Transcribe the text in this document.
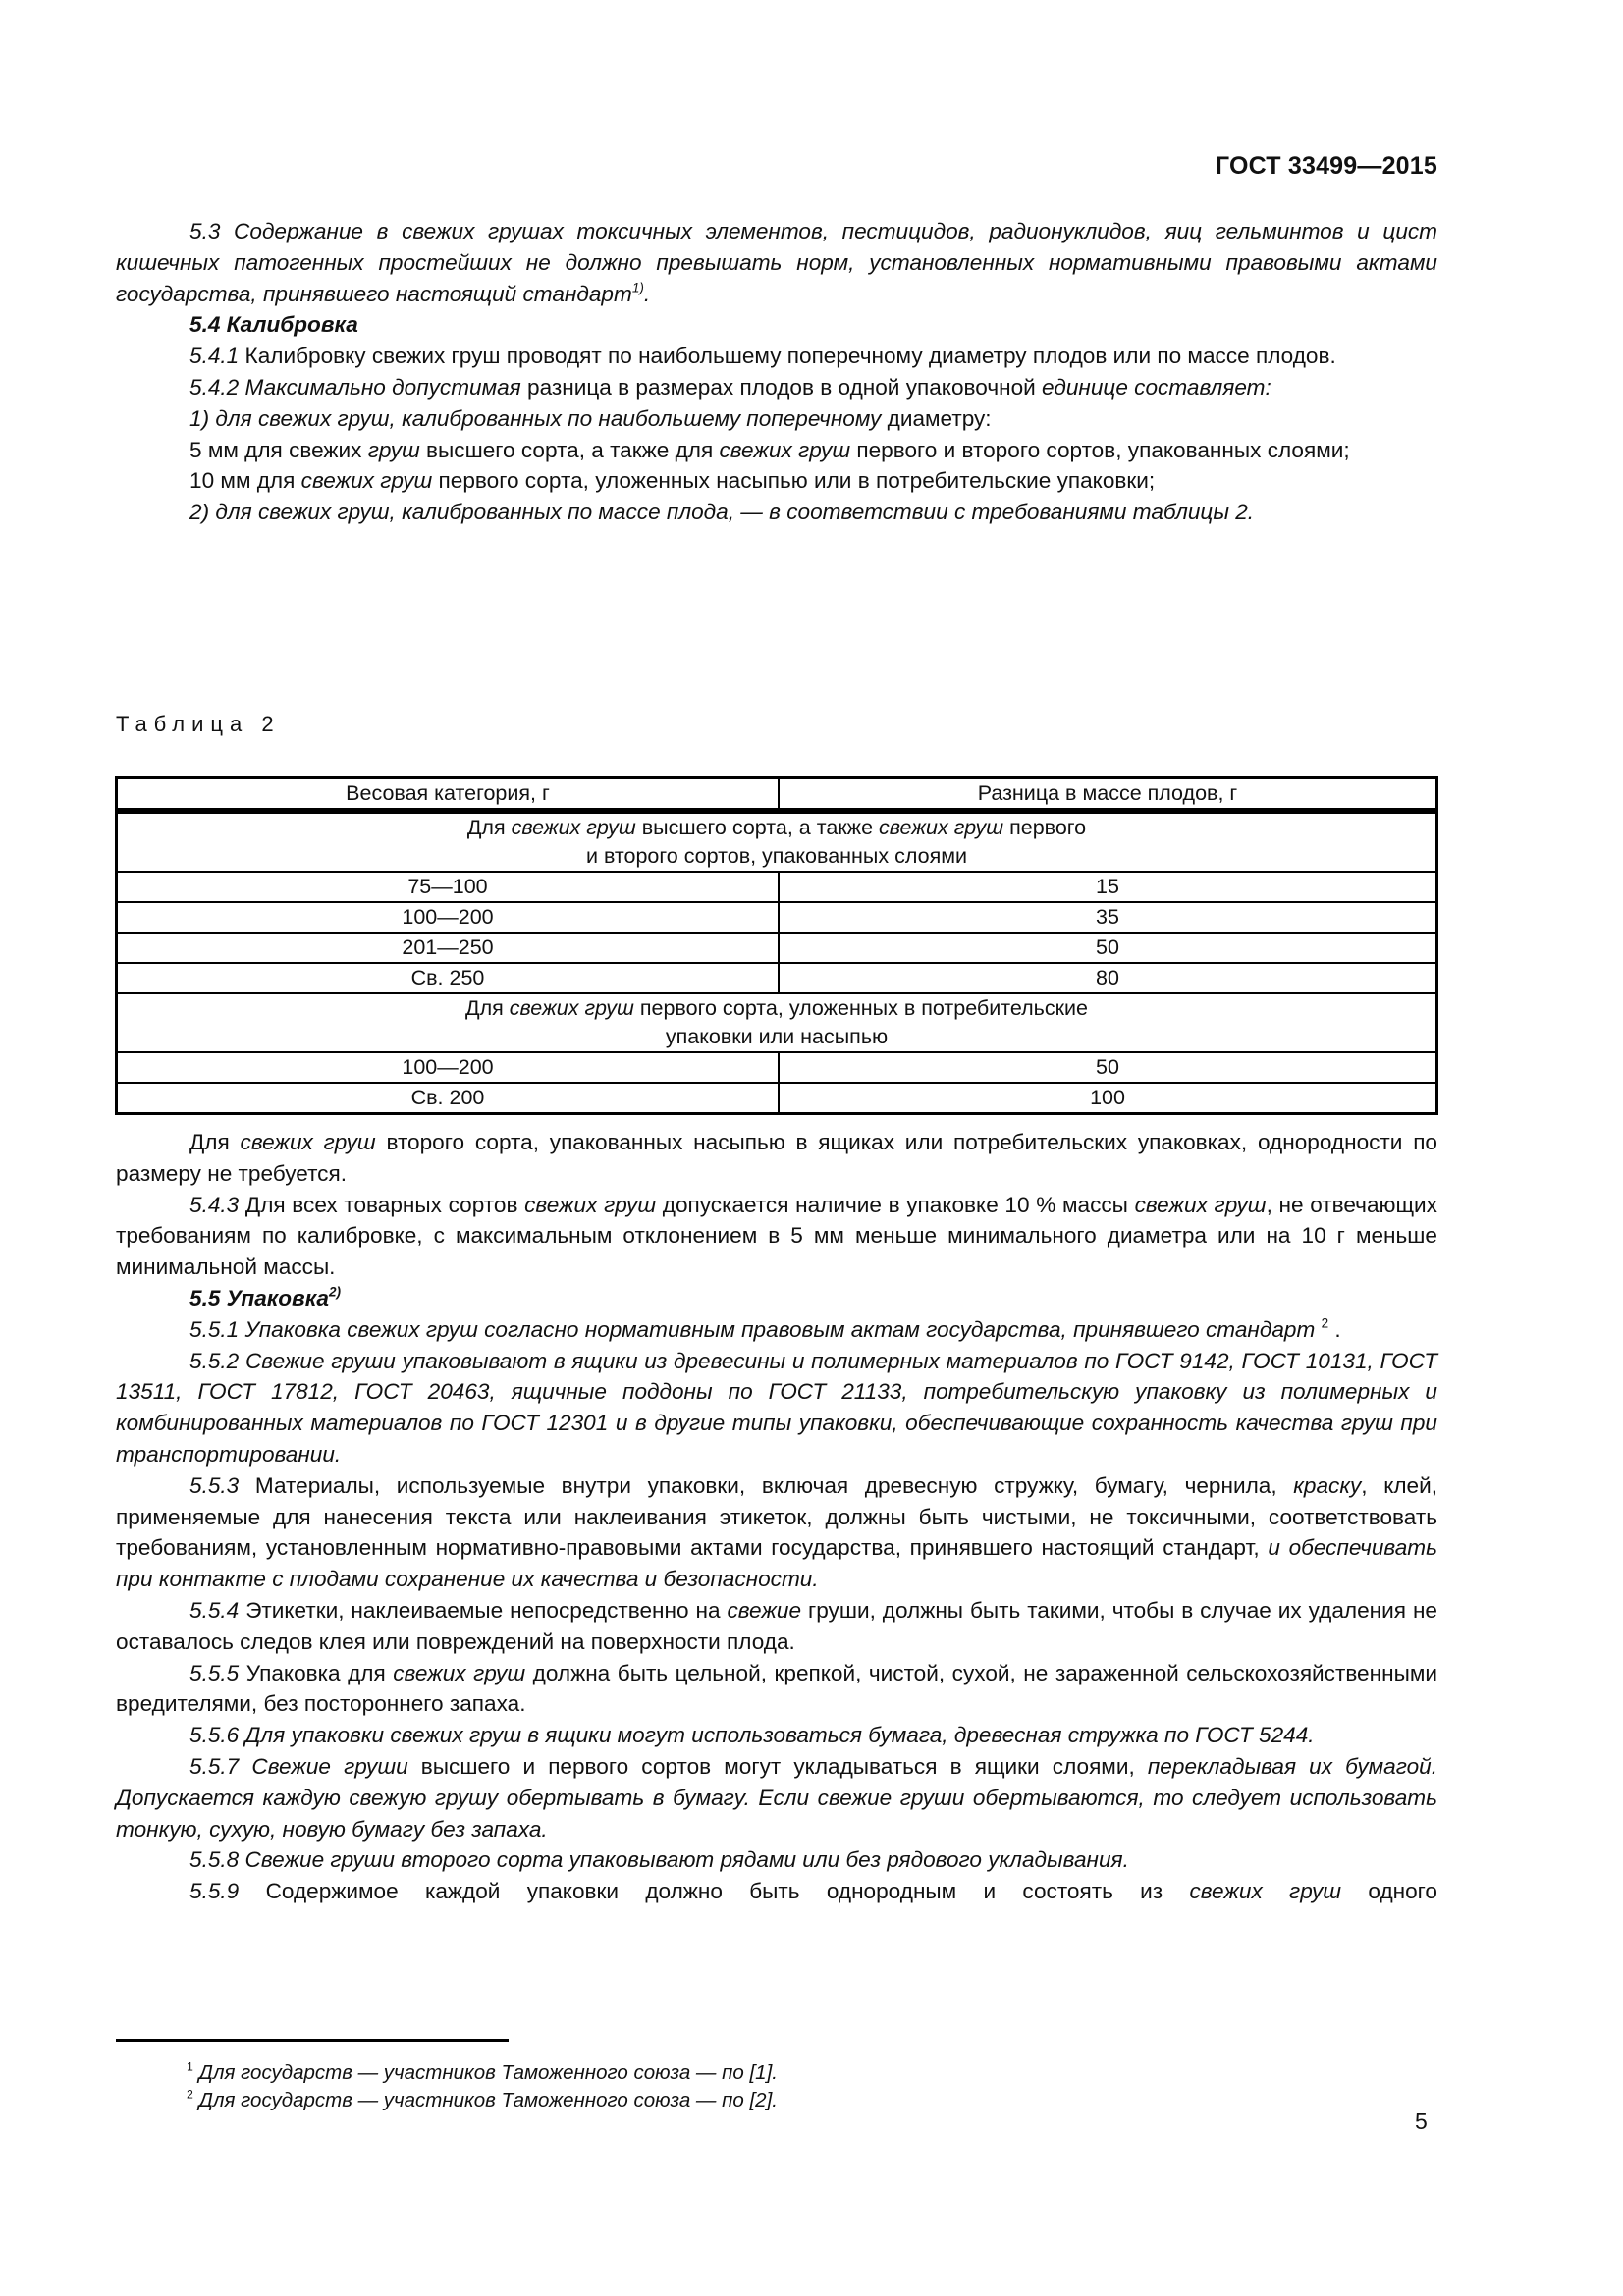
ГОСТ 33499—2015

5.3 Содержание в свежих грушах токсичных элементов, пестицидов, радионуклидов, яиц гельминтов и цист кишечных патогенных простейших не должно превышать норм, установленных нормативными правовыми актами государства, принявшего настоящий стандарт$^{1)}$.

5.4 Калибровка

5.4.1 Калибровку свежих груш проводят по наибольшему поперечному диаметру плодов или по массе плодов.

5.4.2 Максимально допустимая разница в размерах плодов в одной упаковочной единице составляет:

1) для свежих груш, калиброванных по наибольшему поперечному диаметру:

5 мм для свежих груш высшего сорта, а также для свежих груш первого и второго сортов, упакованных слоями;

10 мм для свежих груш первого сорта, уложенных насыпью или в потребительские упаковки;

2) для свежих груш, калиброванных по массе плода, — в соответствии с требованиями таблицы 2.

Таблица 2
Весовая категория, г	Разница в массе плодов, г
Для свежих груш высшего сорта, а также свежих груш первого
и второго сортов, упакованных слоями	
75—100	15
100—200	35
201—250	50
Св. 250	80
Для свежих груш первого сорта, уложенных в потребительские
упаковки или насыпью	
100—200	50
Св. 200	100

Для свежих груш второго сорта, упакованных насыпью в ящиках или потребительских упаковках, однородности по размеру не требуется.

5.4.3 Для всех товарных сортов свежих груш допускается наличие в упаковке 10 % массы свежих груш, не отвечающих требованиям по калибровке, с максимальным отклонением в 5 мм меньше минимального диаметра или на 10 г меньше минимальной массы.

5.5 Упаковка$^{2)}$

5.5.1 Упаковка свежих груш согласно нормативным правовым актам государства, принявшего стандарт $^2$ .

5.5.2 Свежие груши упаковывают в ящики из древесины и полимерных материалов по ГОСТ 9142, ГОСТ 10131, ГОСТ 13511, ГОСТ 17812, ГОСТ 20463, ящичные поддоны по ГОСТ 21133, потребительскую упаковку из полимерных и комбинированных материалов по ГОСТ 12301 и в другие типы упаковки, обеспечивающие сохранность качества груш при транспортировании.

5.5.3 Материалы, используемые внутри упаковки, включая древесную стружку, бумагу, чернила, краску, клей, применяемые для нанесения текста или наклеивания этикеток, должны быть чистыми, не токсичными, соответствовать требованиям, установленным нормативно-правовыми актами государства, принявшего настоящий стандарт, и обеспечивать при контакте с плодами сохранение их качества и безопасности.

5.5.4 Этикетки, наклеиваемые непосредственно на свежие груши, должны быть такими, чтобы в случае их удаления не оставалось следов клея или повреждений на поверхности плода.

5.5.5 Упаковка для свежих груш должна быть цельной, крепкой, чистой, сухой, не зараженной сельскохозяйственными вредителями, без постороннего запаха.

5.5.6 Для упаковки свежих груш в ящики могут использоваться бумага, древесная стружка по ГОСТ 5244.

5.5.7 Свежие груши высшего и первого сортов могут укладываться в ящики слоями, перекладывая их бумагой. Допускается каждую свежую грушу обертывать в бумагу. Если свежие груши обертываются, то следует использовать тонкую, сухую, новую бумагу без запаха.

5.5.8 Свежие груши второго сорта упаковывают рядами или без рядового укладывания.

5.5.9 Содержимое каждой упаковки должно быть однородным и состоять из свежих груш одного

$^1$ Для государств — участников Таможенного союза — по [1].
$^2$ Для государств — участников Таможенного союза — по [2].
5
